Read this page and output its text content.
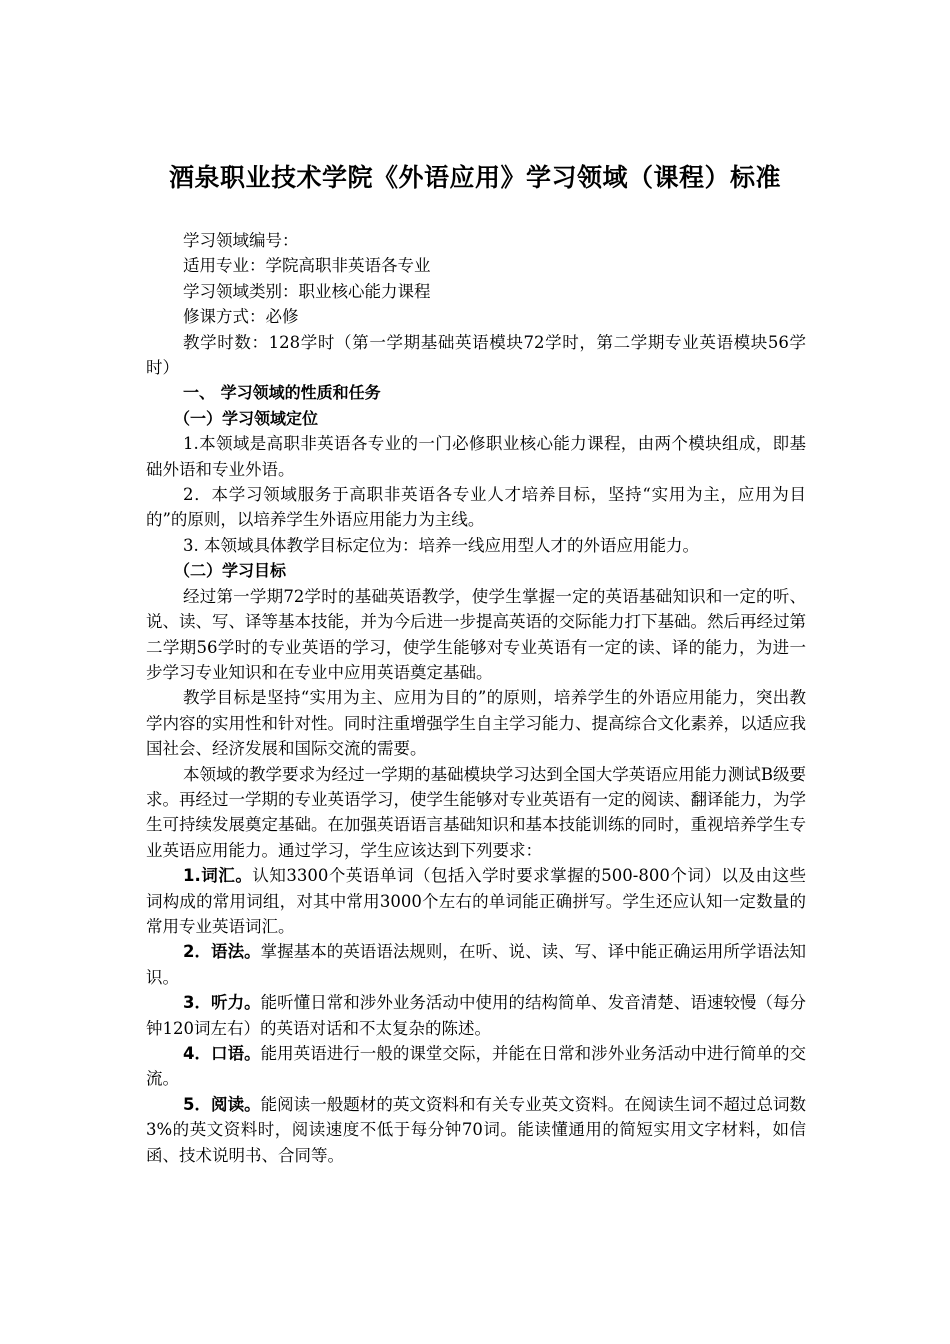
酒泉职业技术学院《外语应用》学习领域（课程）标准

学习领域编号：

适用专业：学院高职非英语各专业

学习领域类别：职业核心能力课程

修课方式：必修

教学时数：128学时（第一学期基础英语模块72学时，第二学期专业英语模块56学时）

一、 学习领域的性质和任务

（一）学习领域定位

1.本领域是高职非英语各专业的一门必修职业核心能力课程，由两个模块组成，即基础外语和专业外语。

2．本学习领域服务于高职非英语各专业人才培养目标，坚持“实用为主，应用为目的”的原则，以培养学生外语应用能力为主线。

3. 本领域具体教学目标定位为：培养一线应用型人才的外语应用能力。

（二）学习目标

经过第一学期72学时的基础英语教学，使学生掌握一定的英语基础知识和一定的听、说、读、写、译等基本技能，并为今后进一步提高英语的交际能力打下基础。然后再经过第二学期56学时的专业英语的学习，使学生能够对专业英语有一定的读、译的能力，为进一步学习专业知识和在专业中应用英语奠定基础。

教学目标是坚持“实用为主、应用为目的”的原则，培养学生的外语应用能力，突出教学内容的实用性和针对性。同时注重增强学生自主学习能力、提高综合文化素养，以适应我国社会、经济发展和国际交流的需要。

本领域的教学要求为经过一学期的基础模块学习达到全国大学英语应用能力测试B级要求。再经过一学期的专业英语学习，使学生能够对专业英语有一定的阅读、翻译能力，为学生可持续发展奠定基础。在加强英语语言基础知识和基本技能训练的同时，重视培养学生专业英语应用能力。通过学习，学生应该达到下列要求：

1.词汇。认知3300个英语单词（包括入学时要求掌握的500-800个词）以及由这些词构成的常用词组，对其中常用3000个左右的单词能正确拼写。学生还应认知一定数量的常用专业英语词汇。

2．语法。掌握基本的英语语法规则，在听、说、读、写、译中能正确运用所学语法知识。

3．听力。能听懂日常和涉外业务活动中使用的结构简单、发音清楚、语速较慢（每分钟120词左右）的英语对话和不太复杂的陈述。

4．口语。能用英语进行一般的课堂交际，并能在日常和涉外业务活动中进行简单的交流。

5．阅读。能阅读一般题材的英文资料和有关专业英文资料。在阅读生词不超过总词数3%的英文资料时，阅读速度不低于每分钟70词。能读懂通用的简短实用文字材料，如信函、技术说明书、合同等。
